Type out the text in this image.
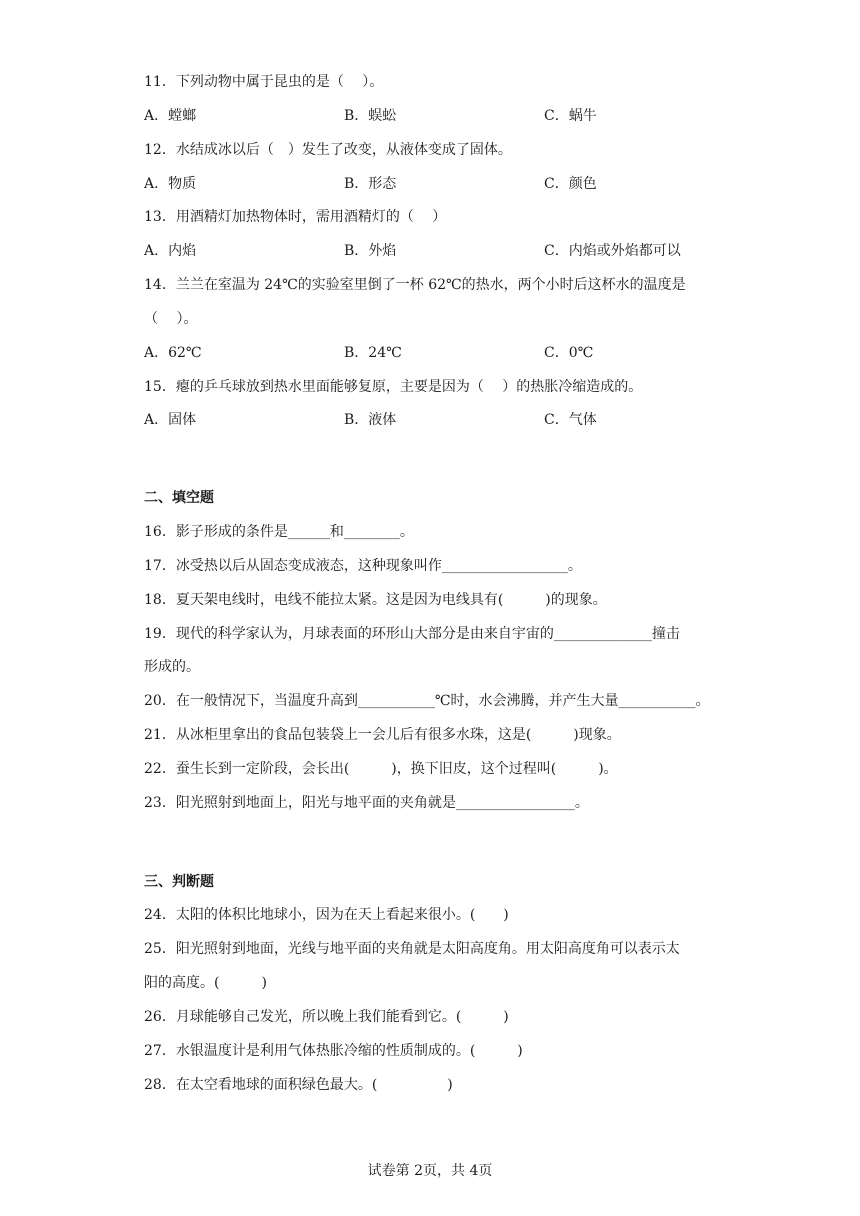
11．下列动物中属于昆虫的是（　 ）。
A．螳螂	B．蜈蚣	C．蜗牛
12．水结成冰以后（　）发生了改变，从液体变成了固体。
A．物质	B．形态	C．颜色
13．用酒精灯加热物体时，需用酒精灯的（　 ）
A．内焰	B．外焰	C．内焰或外焰都可以
14．兰兰在室温为 24℃的实验室里倒了一杯 62℃的热水，两个小时后这杯水的温度是
（　 ）。
A．62℃	B．24℃	C．0℃
15．瘪的乒乓球放到热水里面能够复原，主要是因为（　 ）的热胀冷缩造成的。
A．固体	B．液体	C．气体
二、填空题
16．影子形成的条件是______和________。
17．冰受热以后从固态变成液态，这种现象叫作__________________。
18．夏天架电线时，电线不能拉太紧。这是因为电线具有(　　　)的现象。
19．现代的科学家认为，月球表面的环形山大部分是由来自宇宙的______________撞击
形成的。
20．在一般情况下，当温度升高到___________℃时，水会沸腾，并产生大量___________。
21．从冰柜里拿出的食品包装袋上一会儿后有很多水珠，这是(　　　)现象。
22．蚕生长到一定阶段，会长出(　　　)，换下旧皮，这个过程叫(　　　)。
23．阳光照射到地面上，阳光与地平面的夹角就是_________________。
三、判断题
24．太阳的体积比地球小，因为在天上看起来很小。(　　)
25．阳光照射到地面，光线与地平面的夹角就是太阳高度角。用太阳高度角可以表示太
阳的高度。(　　　)
26．月球能够自己发光，所以晚上我们能看到它。(　　　)
27．水银温度计是利用气体热胀冷缩的性质制成的。(　　　)
28．在太空看地球的面积绿色最大。(　　　　　)
试卷第 2页，共 4页
